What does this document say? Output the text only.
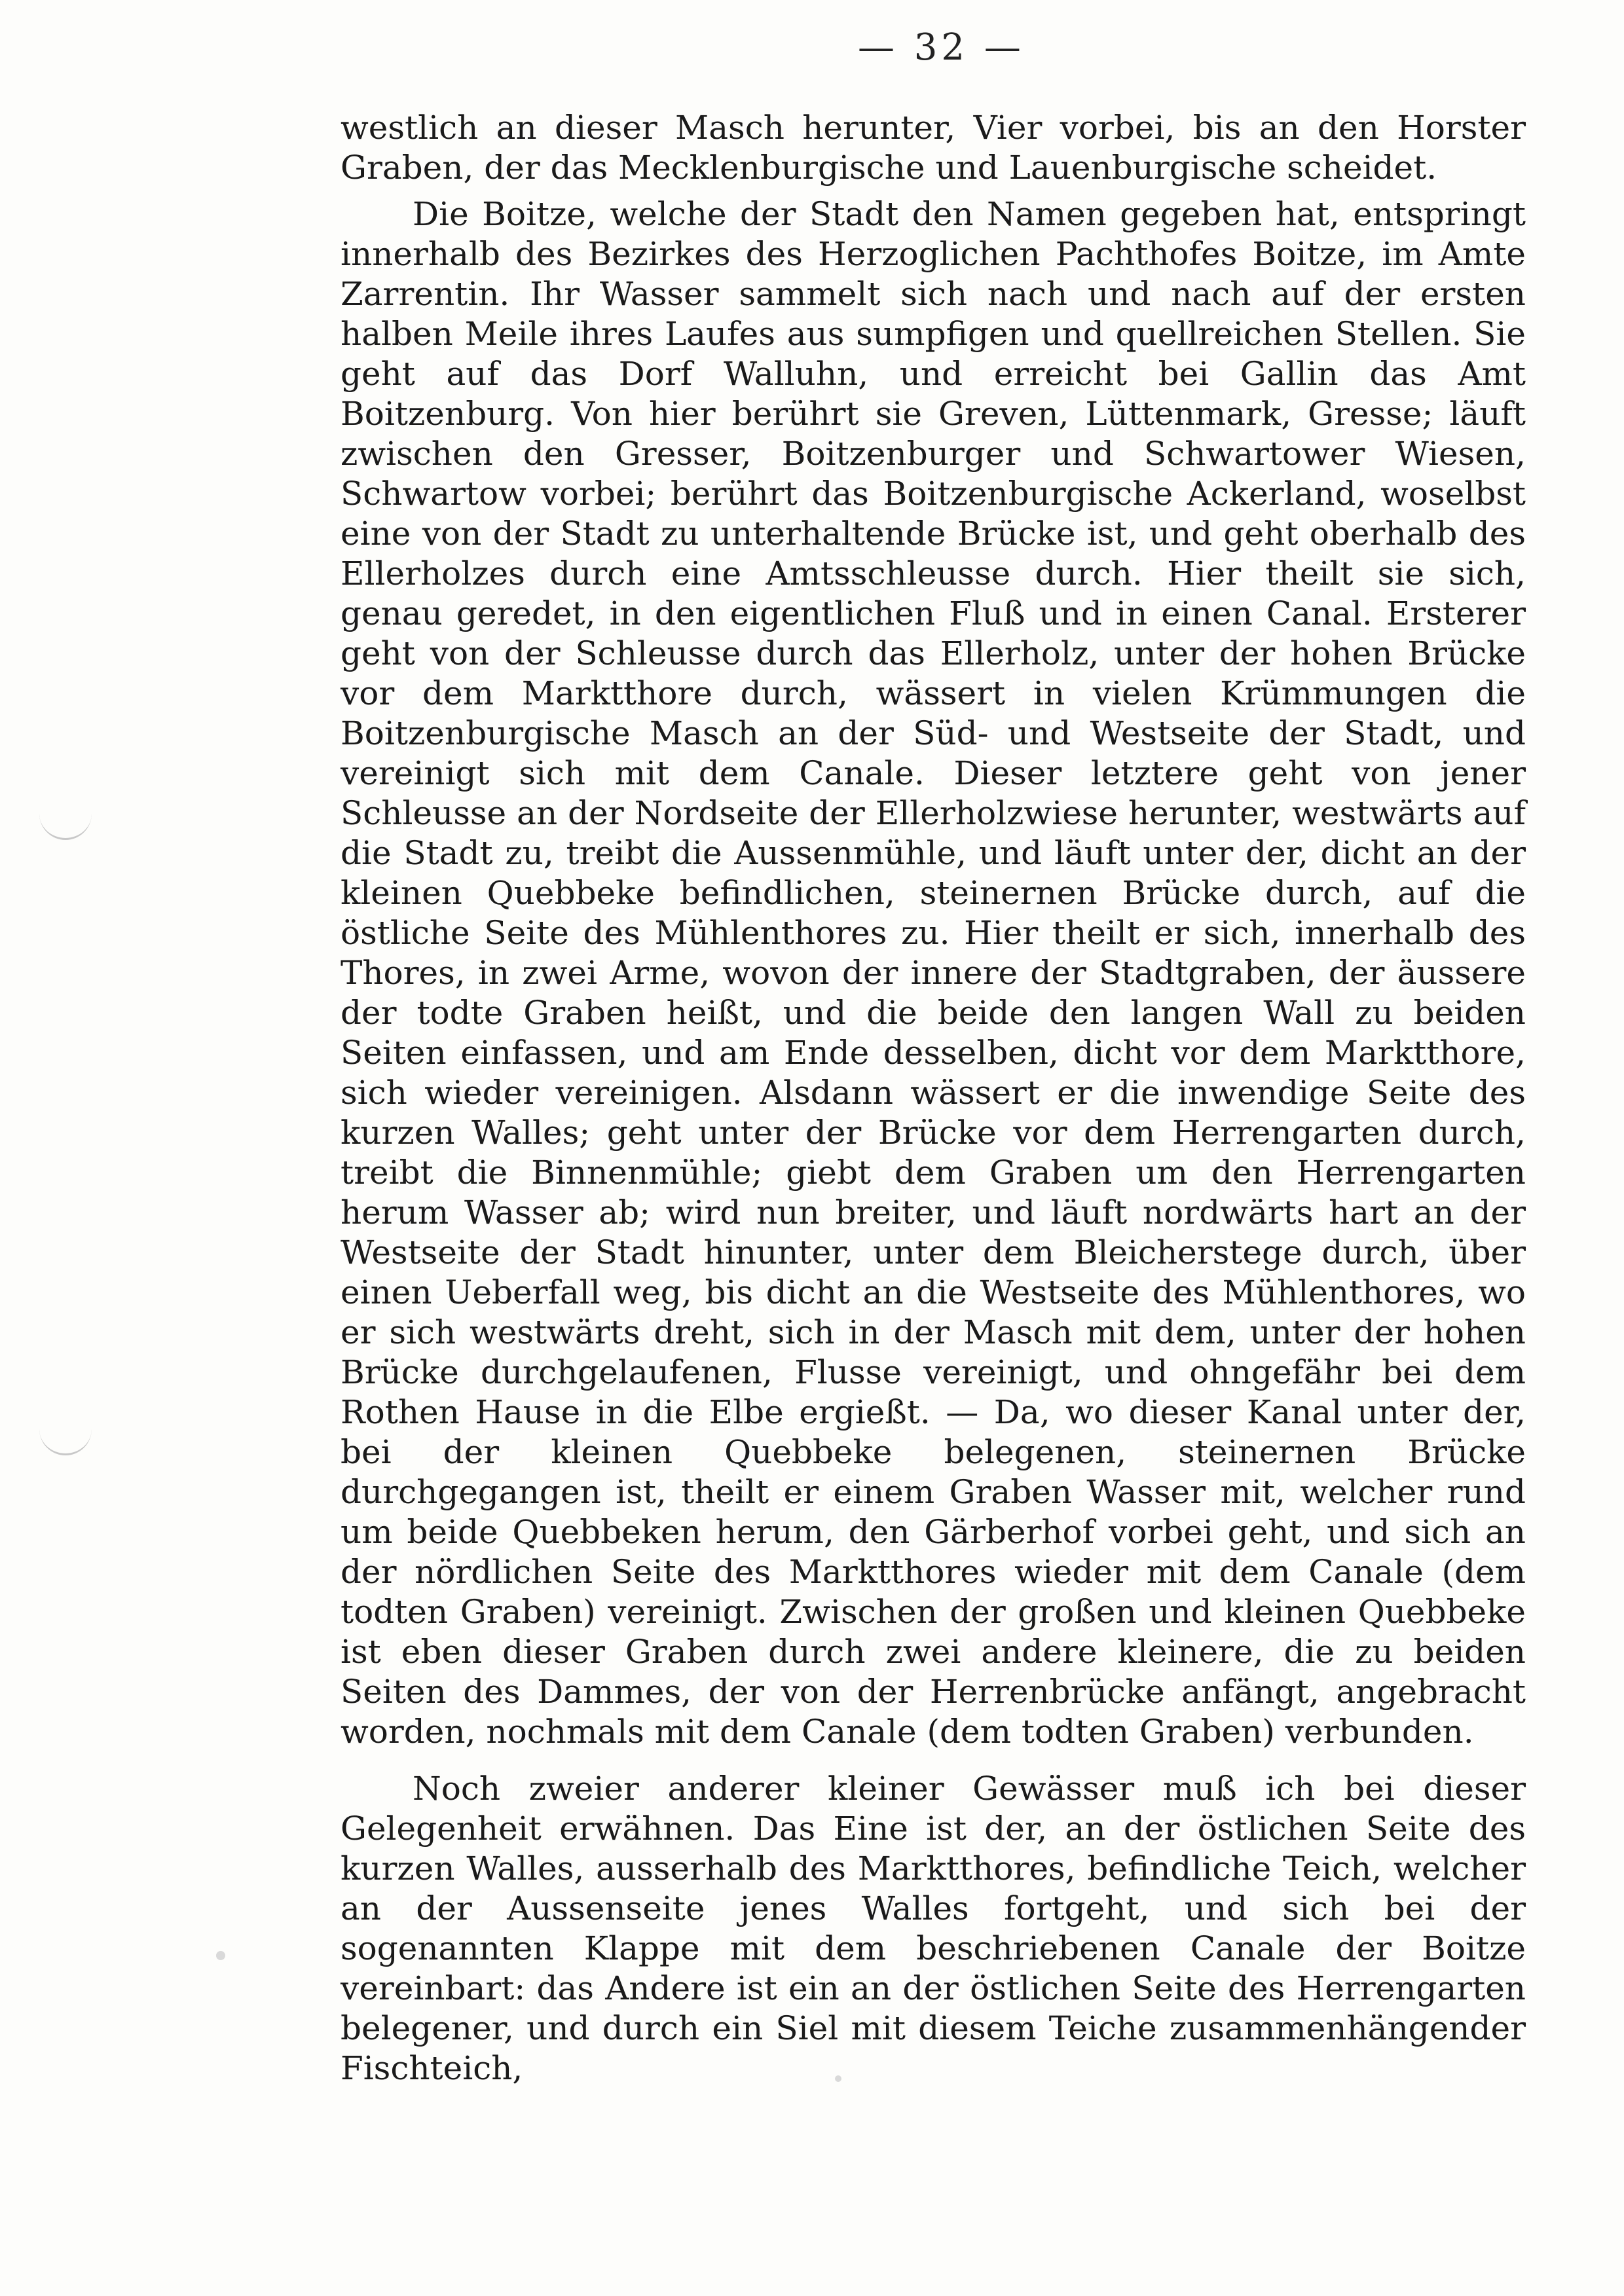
— 32 —

westlich an dieser Masch herunter, Vier vorbei, bis an den Horster Graben, der das Mecklenburgische und Lauenburgische scheidet.

Die Boitze, welche der Stadt den Namen gegeben hat, entspringt innerhalb des Bezirkes des Herzoglichen Pachthofes Boitze, im Amte Zarrentin. Ihr Wasser sammelt sich nach und nach auf der ersten halben Meile ihres Laufes aus sumpfigen und quellreichen Stellen. Sie geht auf das Dorf Walluhn, und erreicht bei Gallin das Amt Boitzenburg. Von hier berührt sie Greven, Lüttenmark, Gresse; läuft zwischen den Gresser, Boitzenburger und Schwartower Wiesen, Schwartow vorbei; berührt das Boitzenburgische Ackerland, woselbst eine von der Stadt zu unterhaltende Brücke ist, und geht oberhalb des Ellerholzes durch eine Amtsschleusse durch. Hier theilt sie sich, genau geredet, in den eigentlichen Fluß und in einen Canal. Ersterer geht von der Schleusse durch das Ellerholz, unter der hohen Brücke vor dem Marktthore durch, wässert in vielen Krümmungen die Boitzenburgische Masch an der Süd- und Westseite der Stadt, und vereinigt sich mit dem Canale. Dieser letztere geht von jener Schleusse an der Nordseite der Ellerholzwiese herunter, westwärts auf die Stadt zu, treibt die Aussenmühle, und läuft unter der, dicht an der kleinen Quebbeke befindlichen, steinernen Brücke durch, auf die östliche Seite des Mühlenthores zu. Hier theilt er sich, innerhalb des Thores, in zwei Arme, wovon der innere der Stadtgraben, der äussere der todte Graben heißt, und die beide den langen Wall zu beiden Seiten einfassen, und am Ende desselben, dicht vor dem Marktthore, sich wieder vereinigen. Alsdann wässert er die inwendige Seite des kurzen Walles; geht unter der Brücke vor dem Herrengarten durch, treibt die Binnenmühle; giebt dem Graben um den Herrengarten herum Wasser ab; wird nun breiter, und läuft nordwärts hart an der Westseite der Stadt hinunter, unter dem Bleicherstege durch, über einen Ueberfall weg, bis dicht an die Westseite des Mühlenthores, wo er sich westwärts dreht, sich in der Masch mit dem, unter der hohen Brücke durchgelaufenen, Flusse vereinigt, und ohngefähr bei dem Rothen Hause in die Elbe ergießt. — Da, wo dieser Kanal unter der, bei der kleinen Quebbeke belegenen, steinernen Brücke durchgegangen ist, theilt er einem Graben Wasser mit, welcher rund um beide Quebbeken herum, den Gärberhof vorbei geht, und sich an der nördlichen Seite des Marktthores wieder mit dem Canale (dem todten Graben) vereinigt. Zwischen der großen und kleinen Quebbeke ist eben dieser Graben durch zwei andere kleinere, die zu beiden Seiten des Dammes, der von der Herrenbrücke anfängt, angebracht worden, nochmals mit dem Canale (dem todten Graben) verbunden.

Noch zweier anderer kleiner Gewässer muß ich bei dieser Gelegenheit erwähnen. Das Eine ist der, an der östlichen Seite des kurzen Walles, ausserhalb des Marktthores, befindliche Teich, welcher an der Aussenseite jenes Walles fortgeht, und sich bei der sogenannten Klappe mit dem beschriebenen Canale der Boitze vereinbart: das Andere ist ein an der östlichen Seite des Herrengarten belegener, und durch ein Siel mit diesem Teiche zusammenhängender Fischteich,
